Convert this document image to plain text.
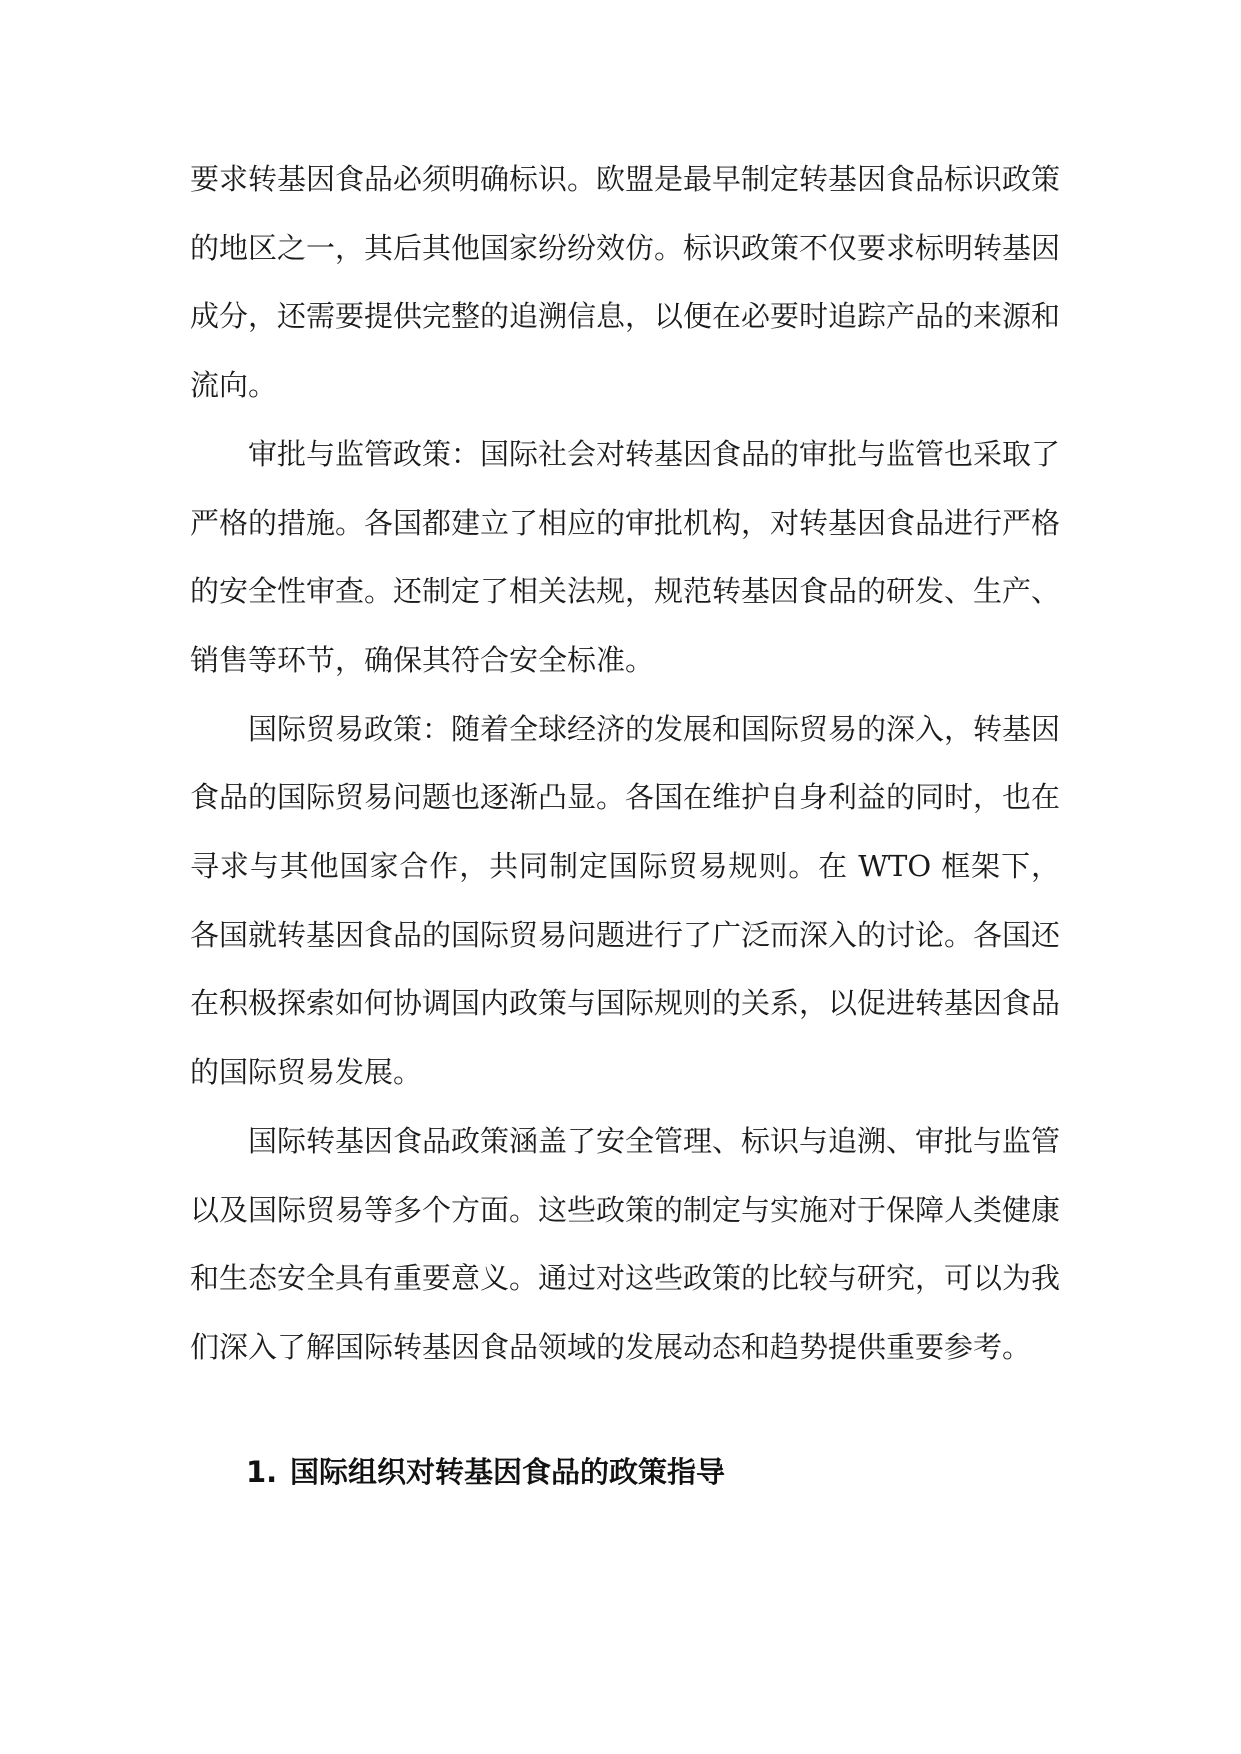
要求转基因食品必须明确标识。欧盟是最早制定转基因食品标识政策的地区之一，其后其他国家纷纷效仿。标识政策不仅要求标明转基因成分，还需要提供完整的追溯信息，以便在必要时追踪产品的来源和流向。

审批与监管政策：国际社会对转基因食品的审批与监管也采取了严格的措施。各国都建立了相应的审批机构，对转基因食品进行严格的安全性审查。还制定了相关法规，规范转基因食品的研发、生产、销售等环节，确保其符合安全标准。

国际贸易政策：随着全球经济的发展和国际贸易的深入，转基因食品的国际贸易问题也逐渐凸显。各国在维护自身利益的同时，也在寻求与其他国家合作，共同制定国际贸易规则。在 WTO 框架下，各国就转基因食品的国际贸易问题进行了广泛而深入的讨论。各国还在积极探索如何协调国内政策与国际规则的关系，以促进转基因食品的国际贸易发展。

国际转基因食品政策涵盖了安全管理、标识与追溯、审批与监管以及国际贸易等多个方面。这些政策的制定与实施对于保障人类健康和生态安全具有重要意义。通过对这些政策的比较与研究，可以为我们深入了解国际转基因食品领域的发展动态和趋势提供重要参考。

1. 国际组织对转基因食品的政策指导
